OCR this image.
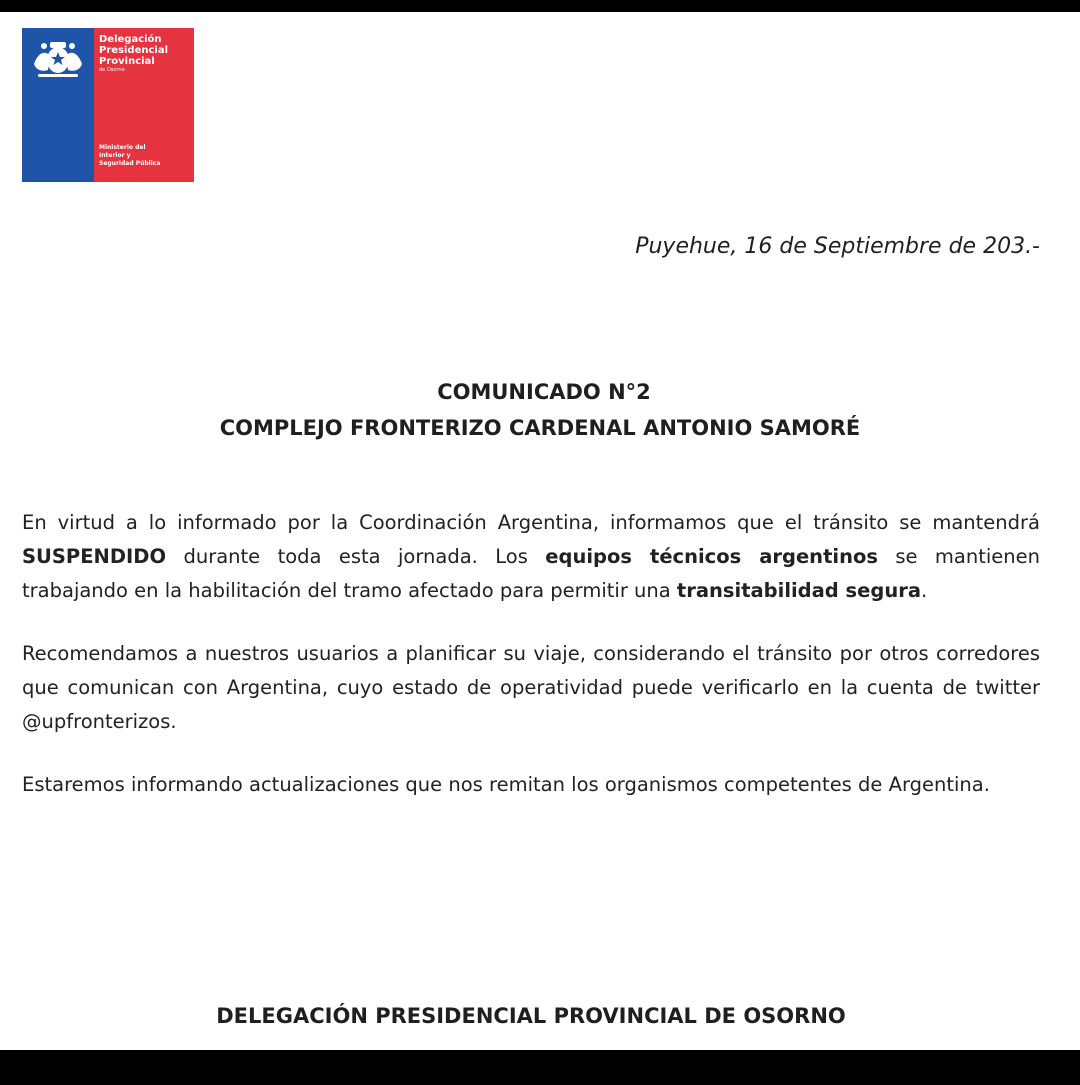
Delegación
Presidencial
Provincial
de Osorno
Ministerio del
Interior y
Seguridad Pública
Puyehue, 16 de Septiembre de 203.-
COMUNICADO N°2
COMPLEJO FRONTERIZO CARDENAL ANTONIO SAMORÉ
En virtud a lo informado por la Coordinación Argentina, informamos que el tránsito se mantendrá SUSPENDIDO durante toda esta jornada. Los equipos técnicos argentinos se mantienen trabajando en la habilitación del tramo afectado para permitir una transitabilidad segura.
Recomendamos a nuestros usuarios a planificar su viaje, considerando el tránsito por otros corredores que comunican con Argentina, cuyo estado de operatividad puede verificarlo en la cuenta de twitter @upfronterizos.
Estaremos informando actualizaciones que nos remitan los organismos competentes de Argentina.
DELEGACIÓN PRESIDENCIAL PROVINCIAL DE OSORNO
